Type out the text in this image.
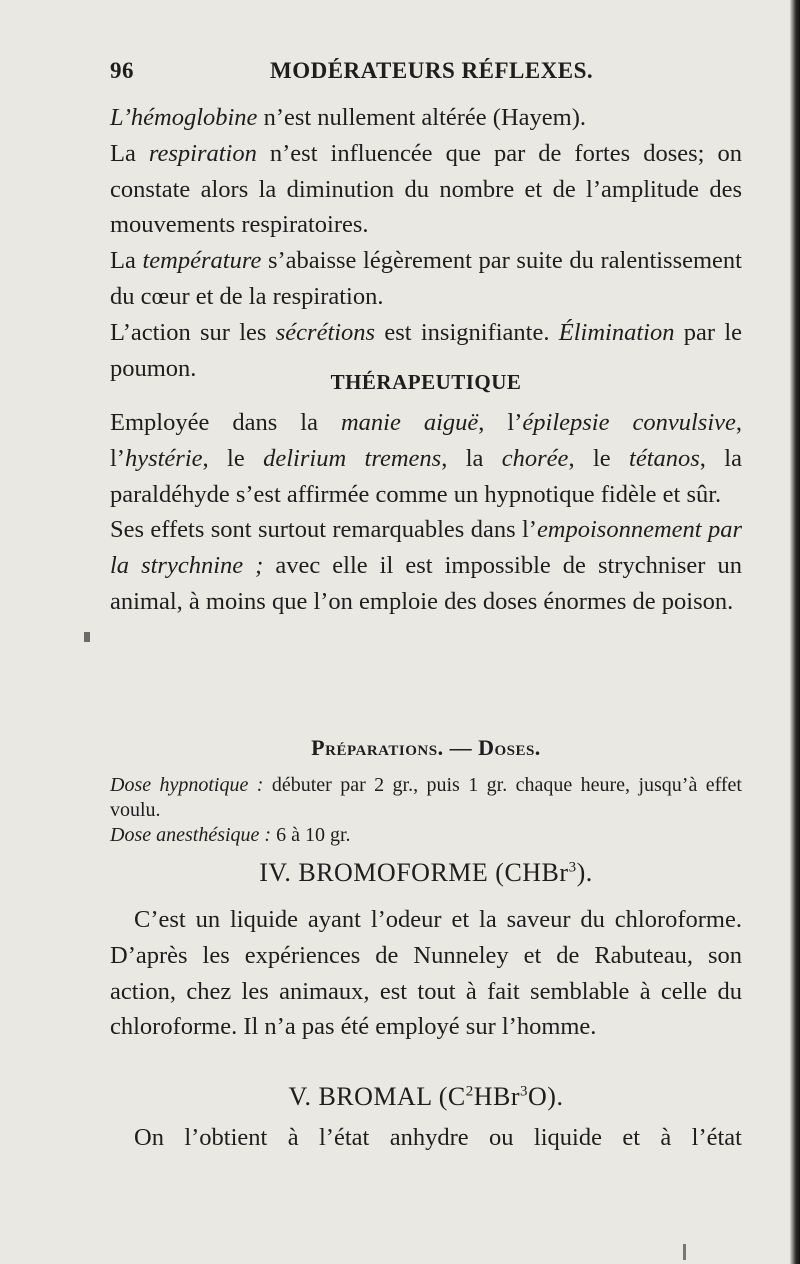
96	MODÉRATEURS RÉFLEXES.

L’hémoglobine n’est nullement altérée (Hayem).

La respiration n’est influencée que par de fortes doses; on constate alors la diminution du nombre et de l’amplitude des mouvements respiratoires.

La température s’abaisse légèrement par suite du ralentissement du cœur et de la respiration.

L’action sur les sécrétions est insignifiante. Élimination par le poumon.

THÉRAPEUTIQUE

Employée dans la manie aiguë, l’épilepsie convulsive, l’hystérie, le delirium tremens, la chorée, le tétanos, la paraldéhyde s’est affirmée comme un hypnotique fidèle et sûr.

Ses effets sont surtout remarquables dans l’empoisonnement par la strychnine ; avec elle il est impossible de strychniser un animal, à moins que l’on emploie des doses énormes de poison.

Préparations. — Doses.

Dose hypnotique : débuter par 2 gr., puis 1 gr. chaque heure, jusqu’à effet voulu.

Dose anesthésique : 6 à 10 gr.

IV. BROMOFORME (CHBr$^3$).

C’est un liquide ayant l’odeur et la saveur du chloroforme. D’après les expériences de Nunneley et de Rabuteau, son action, chez les animaux, est tout à fait semblable à celle du chloroforme. Il n’a pas été employé sur l’homme.

V. BROMAL $(C^2HBr^3O)$.

On l’obtient à l’état anhydre ou liquide et à l’état
